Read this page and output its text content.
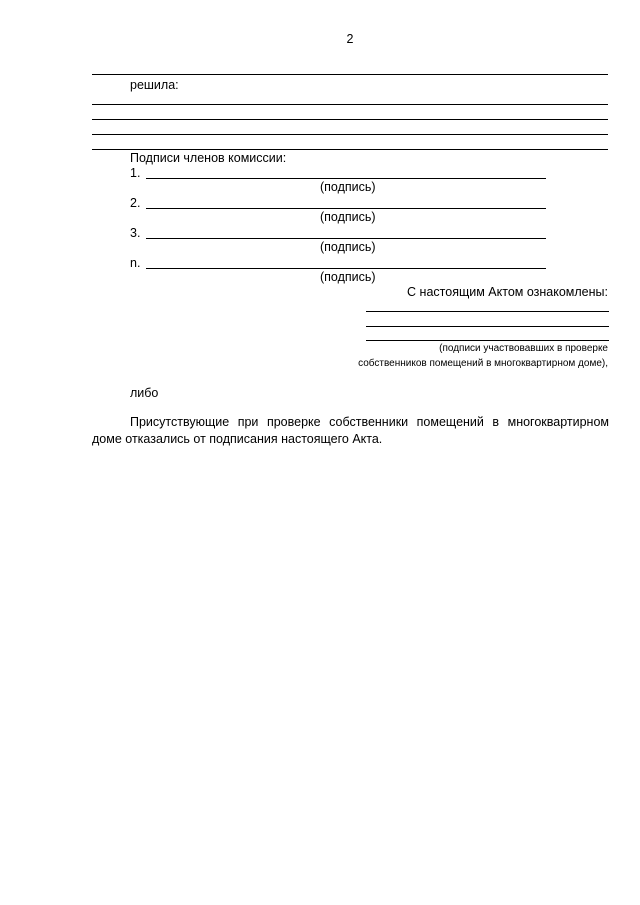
2
решила:
Подписи членов комиссии:
1.
(подпись)
2.
(подпись)
3.
(подпись)
n.
(подпись)
С настоящим Актом ознакомлены:
(подписи участвовавших в проверке
собственников помещений в многоквартирном доме),
либо
Присутствующие при проверке собственники помещений в многоквартирном доме отказались от подписания настоящего Акта.
